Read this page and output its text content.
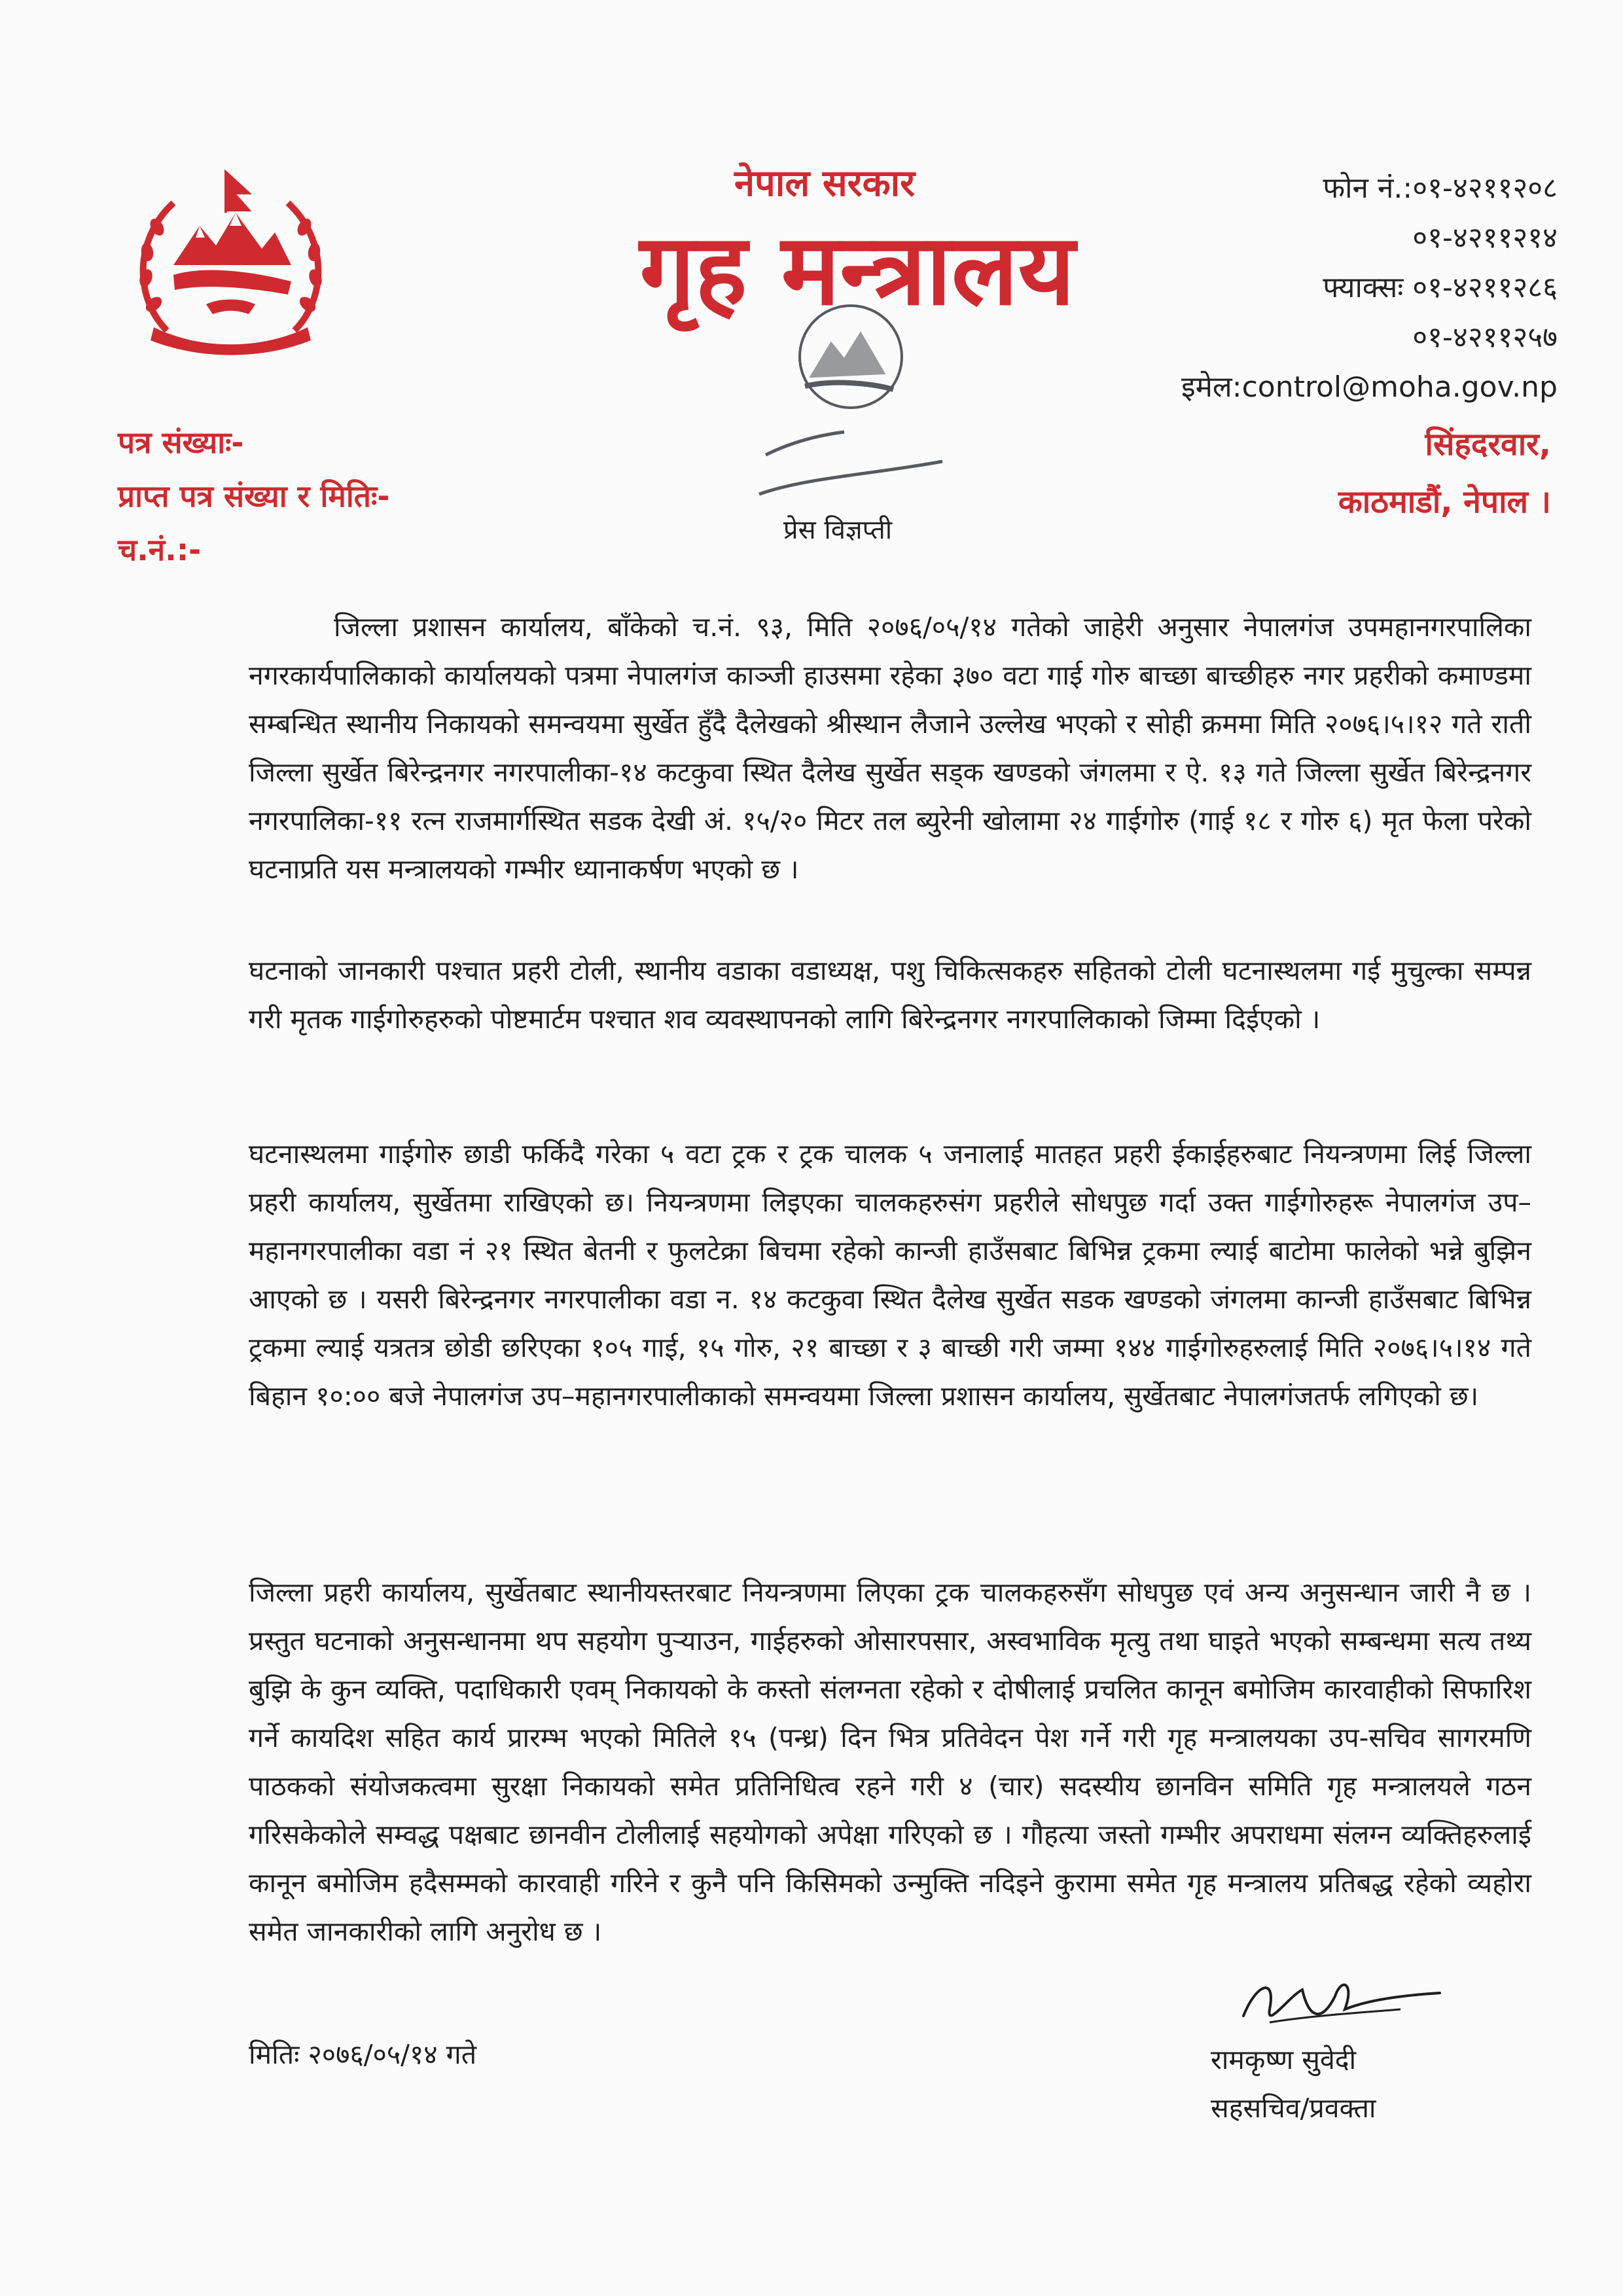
नेपाल सरकार
गृह मन्त्रालय
फोन नं.:०१-४२११२०८
०१-४२११२१४
फ्याक्सः ०१-४२११२८६
०१-४२११२५७
इमेल:control@moha.gov.np
पत्र संख्याः-
प्राप्त पत्र संख्या र मितिः-
च.नं.:-
सिंहदरवार,
काठमाडौं, नेपाल ।
प्रेस विज्ञप्ती

जिल्ला प्रशासन कार्यालय, बाँकेको च.नं. ९३, मिति २०७६/०५/१४ गतेको जाहेरी अनुसार नेपालगंज उपमहानगरपालिका नगरकार्यपालिकाको कार्यालयको पत्रमा नेपालगंज काञ्जी हाउसमा रहेका ३७० वटा गाई गोरु बाच्छा बाच्छीहरु नगर प्रहरीको कमाण्डमा सम्बन्धित स्थानीय निकायको समन्वयमा सुर्खेत हुँदै दैलेखको श्रीस्थान लैजाने उल्लेख भएको र सोही क्रममा मिति २०७६।५।१२ गते राती जिल्ला सुर्खेत बिरेन्द्रनगर नगरपालीका-१४ कटकुवा स्थित दैलेख सुर्खेत सड्क खण्डको जंगलमा र ऐ. १३ गते जिल्ला सुर्खेत बिरेन्द्रनगर नगरपालिका-११ रत्न राजमार्गस्थित सडक देखी अं. १५/२० मिटर तल ब्युरेनी खोलामा २४ गाईगोरु (गाई १८ र गोरु ६) मृत फेला परेको घटनाप्रति यस मन्त्रालयको गम्भीर ध्यानाकर्षण भएको छ ।

घटनाको जानकारी पश्चात प्रहरी टोली, स्थानीय वडाका वडाध्यक्ष, पशु चिकित्सकहरु सहितको टोली घटनास्थलमा गई मुचुल्का सम्पन्न गरी मृतक गाईगोरुहरुको पोष्टमार्टम पश्चात शव व्यवस्थापनको लागि बिरेन्द्रनगर नगरपालिकाको जिम्मा दिईएको ।

घटनास्थलमा गाईगोरु छाडी फर्किदै गरेका ५ वटा ट्रक र ट्रक चालक ५ जनालाई मातहत प्रहरी ईकाईहरुबाट नियन्त्रणमा लिई जिल्ला प्रहरी कार्यालय, सुर्खेतमा राखिएको छ। नियन्त्रणमा लिइएका चालकहरुसंग प्रहरीले सोधपुछ गर्दा उक्त गाईगोरुहरू नेपालगंज उप–महानगरपालीका वडा नं २१ स्थित बेतनी र फुलटेक्रा बिचमा रहेको कान्जी हाउँसबाट बिभिन्न ट्रकमा ल्याई बाटोमा फालेको भन्ने बुझिन आएको छ । यसरी बिरेन्द्रनगर नगरपालीका वडा न. १४ कटकुवा स्थित दैलेख सुर्खेत सडक खण्डको जंगलमा कान्जी हाउँसबाट बिभिन्न ट्रकमा ल्याई यत्रतत्र छोडी छरिएका १०५ गाई, १५ गोरु, २१ बाच्छा र ३ बाच्छी गरी जम्मा १४४ गाईगोरुहरुलाई मिति २०७६।५।१४ गते बिहान १०:०० बजे नेपालगंज उप–महानगरपालीकाको समन्वयमा जिल्ला प्रशासन कार्यालय, सुर्खेतबाट नेपालगंजतर्फ लगिएको छ।

जिल्ला प्रहरी कार्यालय, सुर्खेतबाट स्थानीयस्तरबाट नियन्त्रणमा लिएका ट्रक चालकहरुसँग सोधपुछ एवं अन्य अनुसन्धान जारी नै छ । प्रस्तुत घटनाको अनुसन्धानमा थप सहयोग पुर्‍याउन, गाईहरुको ओसारपसार, अस्वभाविक मृत्यु तथा घाइते भएको सम्बन्धमा सत्य तथ्य बुझि के कुन व्यक्ति, पदाधिकारी एवम् निकायको के कस्तो संलग्नता रहेको र दोषीलाई प्रचलित कानून बमोजिम कारवाहीको सिफारिश गर्ने कायदिश सहित कार्य प्रारम्भ भएको मितिले १५ (पन्ध्र) दिन भित्र प्रतिवेदन पेश गर्ने गरी गृह मन्त्रालयका उप-सचिव सागरमणि पाठकको संयोजकत्वमा सुरक्षा निकायको समेत प्रतिनिधित्व रहने गरी ४ (चार) सदस्यीय छानविन समिति गृह मन्त्रालयले गठन गरिसकेकोले सम्वद्ध पक्षबाट छानवीन टोलीलाई सहयोगको अपेक्षा गरिएको छ । गौहत्या जस्तो गम्भीर अपराधमा संलग्न व्यक्तिहरुलाई कानून बमोजिम हदैसम्मको कारवाही गरिने र कुनै पनि किसिमको उन्मुक्ति नदिइने कुरामा समेत गृह मन्त्रालय प्रतिबद्ध रहेको व्यहोरा समेत जानकारीको लागि अनुरोध छ ।

मितिः २०७६/०५/१४ गते	रामकृष्ण सुवेदी
सहसचिव/प्रवक्ता
